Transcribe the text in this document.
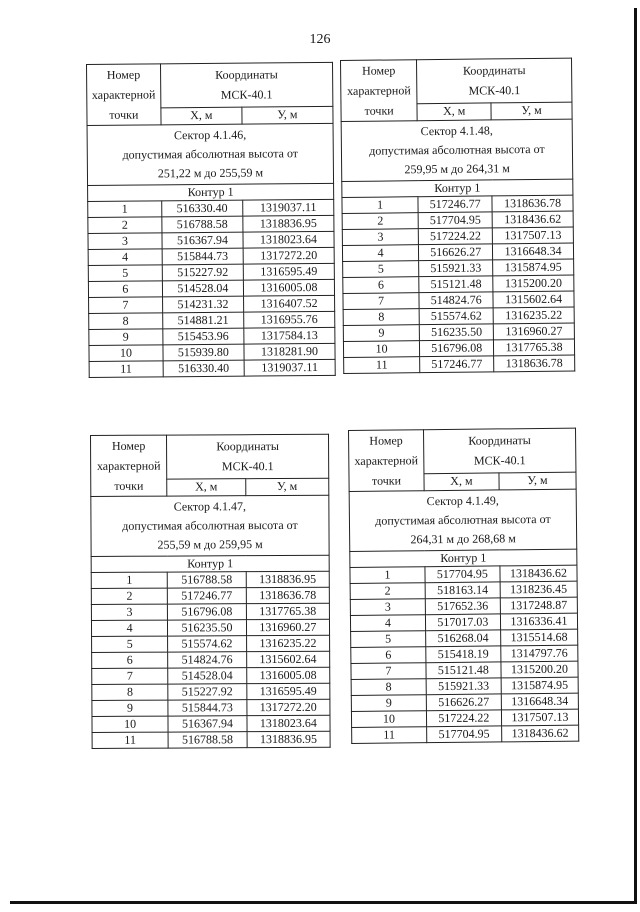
126
Номер характерной точки	Координаты
МСК-40.1	
	X, м	У, м
Сектор 4.1.46,
допустимая абсолютная высота от
251,22 м до 255,59 м		
Контур 1		
1	516330.40	1319037.11
2	516788.58	1318836.95
3	516367.94	1318023.64
4	515844.73	1317272.20
5	515227.92	1316595.49
6	514528.04	1316005.08
7	514231.32	1316407.52
8	514881.21	1316955.76
9	515453.96	1317584.13
10	515939.80	1318281.90
11	516330.40	1319037.11
Номер характерной точки	Координаты
МСК-40.1	
	X, м	У, м
Сектор 4.1.48,
допустимая абсолютная высота от
259,95 м до 264,31 м		
Контур 1		
1	517246.77	1318636.78
2	517704.95	1318436.62
3	517224.22	1317507.13
4	516626.27	1316648.34
5	515921.33	1315874.95
6	515121.48	1315200.20
7	514824.76	1315602.64
8	515574.62	1316235.22
9	516235.50	1316960.27
10	516796.08	1317765.38
11	517246.77	1318636.78
Номер характерной точки	Координаты
МСК-40.1	
	X, м	У, м
Сектор 4.1.47,
допустимая абсолютная высота от
255,59 м до 259,95 м		
Контур 1		
1	516788.58	1318836.95
2	517246.77	1318636.78
3	516796.08	1317765.38
4	516235.50	1316960.27
5	515574.62	1316235.22
6	514824.76	1315602.64
7	514528.04	1316005.08
8	515227.92	1316595.49
9	515844.73	1317272.20
10	516367.94	1318023.64
11	516788.58	1318836.95
Номер характерной точки	Координаты
МСК-40.1	
	X, м	У, м
Сектор 4.1.49,
допустимая абсолютная высота от
264,31 м до 268,68 м		
Контур 1		
1	517704.95	1318436.62
2	518163.14	1318236.45
3	517652.36	1317248.87
4	517017.03	1316336.41
5	516268.04	1315514.68
6	515418.19	1314797.76
7	515121.48	1315200.20
8	515921.33	1315874.95
9	516626.27	1316648.34
10	517224.22	1317507.13
11	517704.95	1318436.62
